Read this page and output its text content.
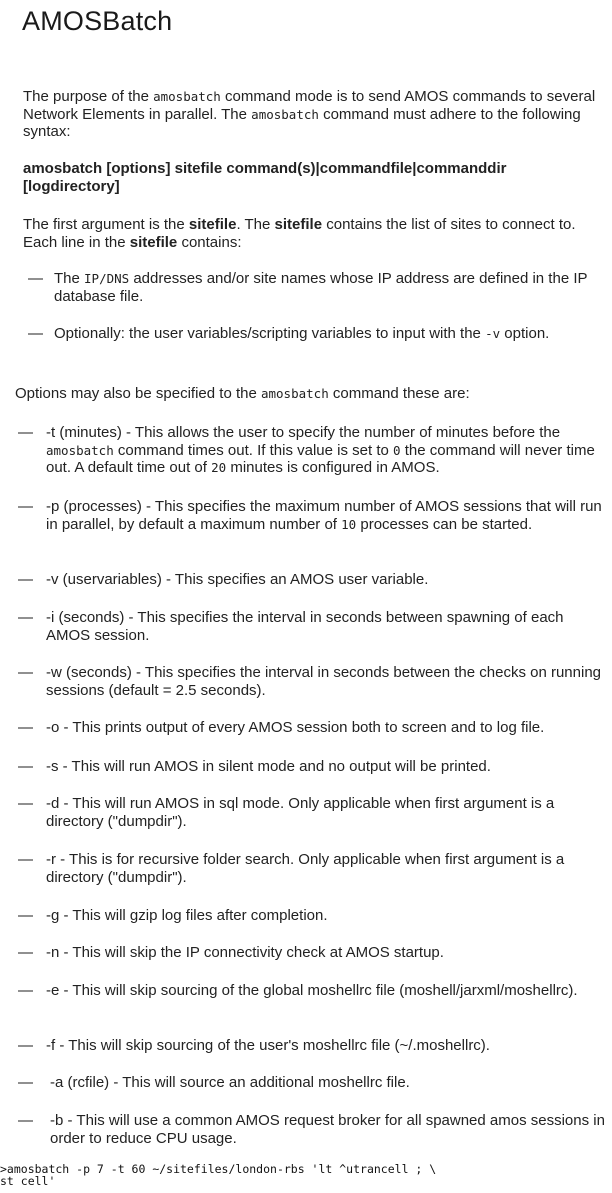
AMOSBatch

The purpose of the amosbatch command mode is to send AMOS commands to several Network Elements in parallel. The amosbatch command must adhere to the following syntax:

amosbatch [options] sitefile command(s)|commandfile|commanddir [logdirectory]

The first argument is the sitefile. The sitefile contains the list of sites to connect to. Each line in the sitefile contains:

— The IP/DNS addresses and/or site names whose IP address are defined in the IP database file.
— Optionally: the user variables/scripting variables to input with the -v option.

Options may also be specified to the amosbatch command these are:

— -t (minutes) - This allows the user to specify the number of minutes before the amosbatch command times out. If this value is set to 0 the command will never time out. A default time out of 20 minutes is configured in AMOS.
— -p (processes) - This specifies the maximum number of AMOS sessions that will run in parallel, by default a maximum number of 10 processes can be started.
— -v (uservariables) - This specifies an AMOS user variable.
— -i (seconds) - This specifies the interval in seconds between spawning of each AMOS session.
— -w (seconds) - This specifies the interval in seconds between the checks on running sessions (default = 2.5 seconds).
— -o - This prints output of every AMOS session both to screen and to log file.
— -s - This will run AMOS in silent mode and no output will be printed.
— -d - This will run AMOS in sql mode. Only applicable when first argument is a directory ("dumpdir").
— -r - This is for recursive folder search. Only applicable when first argument is a directory ("dumpdir").
— -g - This will gzip log files after completion.
— -n - This will skip the IP connectivity check at AMOS startup.
— -e - This will skip sourcing of the global moshellrc file (moshell/jarxml/moshellrc).
— -f - This will skip sourcing of the user's moshellrc file (~/.moshellrc).
—	-a (rcfile) - This will source an additional moshellrc file.
—	-b - This will use a common AMOS request broker for all spawned amos sessions in order to reduce CPU usage.
>amosbatch -p 7 -t 60 ~/sitefiles/london-rbs 'lt ^utrancell ; \
st cell'
